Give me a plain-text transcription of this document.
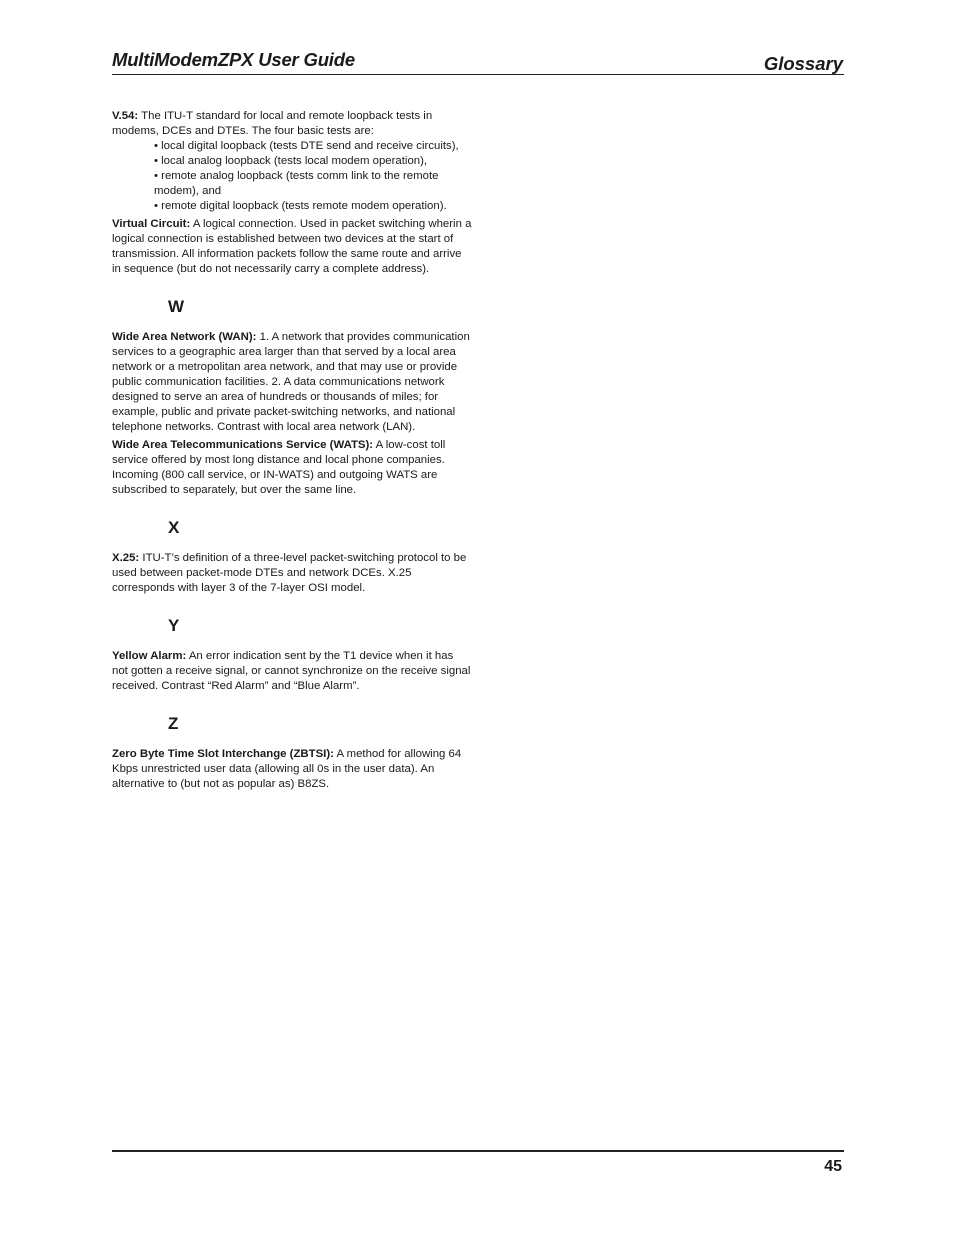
MultiModemZPX User Guide	Glossary
V.54: The ITU-T standard for local and remote loopback tests in modems, DCEs and DTEs. The four basic tests are:
• local digital loopback (tests DTE send and receive circuits),
• local analog loopback (tests local modem operation),
• remote analog loopback (tests comm link to the remote modem), and
• remote digital loopback (tests remote modem operation).
Virtual Circuit: A logical connection. Used in packet switching wherin a logical connection is established between two devices at the start of transmission. All information packets follow the same route and arrive in sequence (but do not necessarily carry a complete address).
W
Wide Area Network (WAN): 1. A network that provides communication services to a geographic area larger than that served by a local area network or a metropolitan area network, and that may use or provide public communication facilities. 2. A data communications network designed to serve an area of hundreds or thousands of miles; for example, public and private packet-switching networks, and national telephone networks. Contrast with local area network (LAN).
Wide Area Telecommunications Service (WATS): A low-cost toll service offered by most long distance and local phone companies. Incoming (800 call service, or IN-WATS) and outgoing WATS are subscribed to separately, but over the same line.
X
X.25: ITU-T’s definition of a three-level packet-switching protocol to be used between packet-mode DTEs and network DCEs. X.25 corresponds with layer 3 of the 7-layer OSI model.
Y
Yellow Alarm: An error indication sent by the T1 device when it has not gotten a receive signal, or cannot synchronize on the receive signal received. Contrast “Red Alarm” and “Blue Alarm”.
Z
Zero Byte Time Slot Interchange (ZBTSI): A method for allowing 64 Kbps unrestricted user data (allowing all 0s in the user data). An alternative to (but not as popular as) B8ZS.
45
